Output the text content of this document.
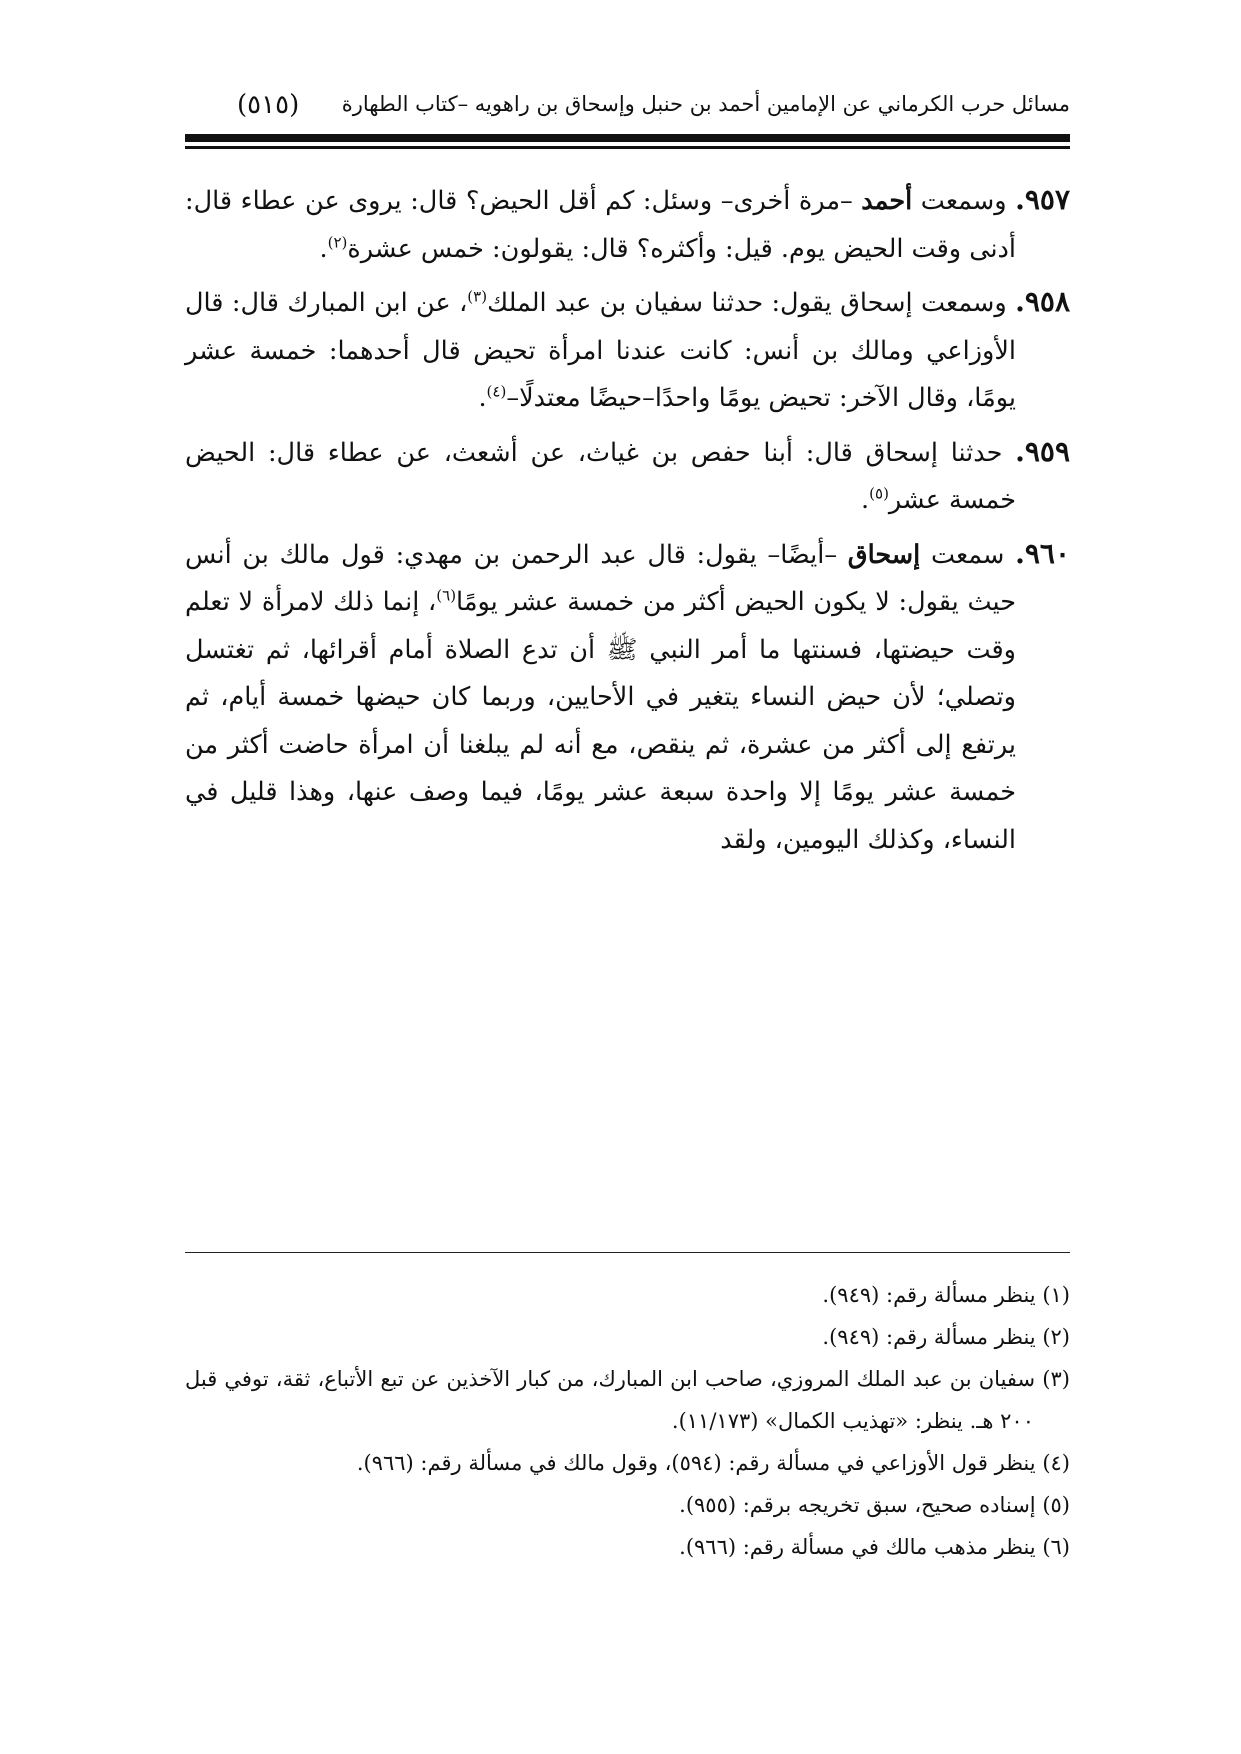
مسائل حرب الكرماني عن الإمامين أحمد بن حنبل وإسحاق بن راهويه –كتاب الطهارة
(٥١٥)

٩٥٧. وسمعت أحمد –مرة أخرى– وسئل: كم أقل الحيض؟ قال: يروى عن عطاء قال: أدنى وقت الحيض يوم. قيل: وأكثره؟ قال: يقولون: خمس عشرة$^{(٢)}$.

٩٥٨. وسمعت إسحاق يقول: حدثنا سفيان بن عبد الملك$^{(٣)}$، عن ابن المبارك قال: قال الأوزاعي ومالك بن أنس: كانت عندنا امرأة تحيض قال أحدهما: خمسة عشر يومًا، وقال الآخر: تحيض يومًا واحدًا–حيضًا معتدلًا–$^{(٤)}$.

٩٥٩. حدثنا إسحاق قال: أبنا حفص بن غياث، عن أشعث، عن عطاء قال: الحيض خمسة عشر$^{(٥)}$.

٩٦٠. سمعت إسحاق –أيضًا– يقول: قال عبد الرحمن بن مهدي: قول مالك بن أنس حيث يقول: لا يكون الحيض أكثر من خمسة عشر يومًا$^{(٦)}$، إنما ذلك لامرأة لا تعلم وقت حيضتها، فسنتها ما أمر النبي ﷺ أن تدع الصلاة أمام أقرائها، ثم تغتسل وتصلي؛ لأن حيض النساء يتغير في الأحايين، وربما كان حيضها خمسة أيام، ثم يرتفع إلى أكثر من عشرة، ثم ينقص، مع أنه لم يبلغنا أن امرأة حاضت أكثر من خمسة عشر يومًا إلا واحدة سبعة عشر يومًا، فيما وصف عنها، وهذا قليل في النساء، وكذلك اليومين، ولقد

(١) ينظر مسألة رقم: (٩٤٩).

(٢) ينظر مسألة رقم: (٩٤٩).

(٣) سفيان بن عبد الملك المروزي، صاحب ابن المبارك، من كبار الآخذين عن تبع الأتباع، ثقة، توفي قبل ٢٠٠ هـ. ينظر: «تهذيب الكمال» (١١/١٧٣).

(٤) ينظر قول الأوزاعي في مسألة رقم: (٥٩٤)، وقول مالك في مسألة رقم: (٩٦٦).

(٥) إسناده صحيح، سبق تخريجه برقم: (٩٥٥).

(٦) ينظر مذهب مالك في مسألة رقم: (٩٦٦).
